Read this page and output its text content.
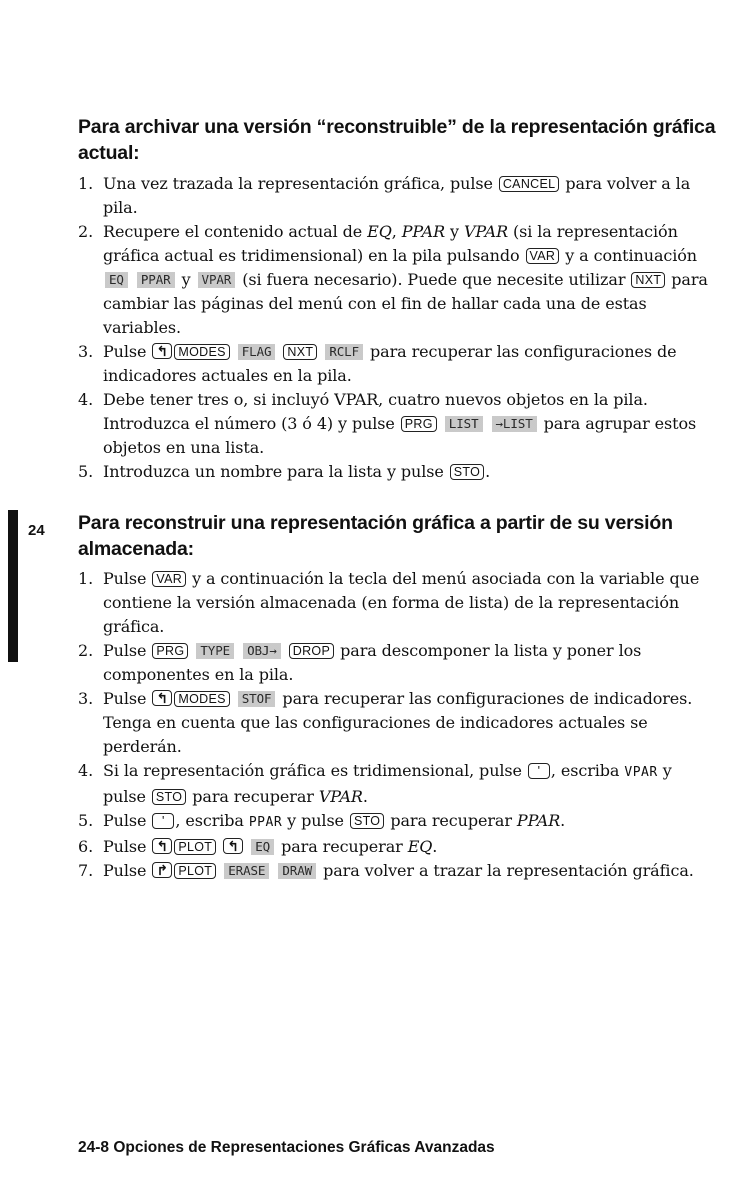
Para archivar una versión “reconstruible” de la representación gráfica actual:
1. Una vez trazada la representación gráfica, pulse CANCEL para volver a la pila.
2. Recupere el contenido actual de EQ, PPAR y VPAR (si la representación gráfica actual es tridimensional) en la pila pulsando VAR y a continuación EQ PPAR y VPAR (si fuera necesario). Puede que necesite utilizar NXT para cambiar las páginas del menú con el fin de hallar cada una de estas variables.
3. Pulse ↰ MODES FLAG NXT RCLF para recuperar las configuraciones de indicadores actuales en la pila.
4. Debe tener tres o, si incluyó VPAR, cuatro nuevos objetos en la pila. Introduzca el número (3 ó 4) y pulse PRG LIST →LIST para agrupar estos objetos en una lista.
5. Introduzca un nombre para la lista y pulse STO .
24 Para reconstruir una representación gráfica a partir de su versión almacenada:
1. Pulse VAR y a continuación la tecla del menú asociada con la variable que contiene la versión almacenada (en forma de lista) de la representación gráfica.
2. Pulse PRG TYPE OBJ→ DROP para descomponer la lista y poner los componentes en la pila.
3. Pulse ↰ MODES STOF para recuperar las configuraciones de indicadores. Tenga en cuenta que las configuraciones de indicadores actuales se perderán.
4. Si la representación gráfica es tridimensional, pulse ' , escriba VPAR y pulse STO para recuperar VPAR.
5. Pulse ' , escriba PPAR y pulse STO para recuperar PPAR.
6. Pulse ↰ PLOT ↰ EQ para recuperar EQ.
7. Pulse ↱ PLOT ERASE DRAW para volver a trazar la representación gráfica.
24-8 Opciones de Representaciones Gráficas Avanzadas
